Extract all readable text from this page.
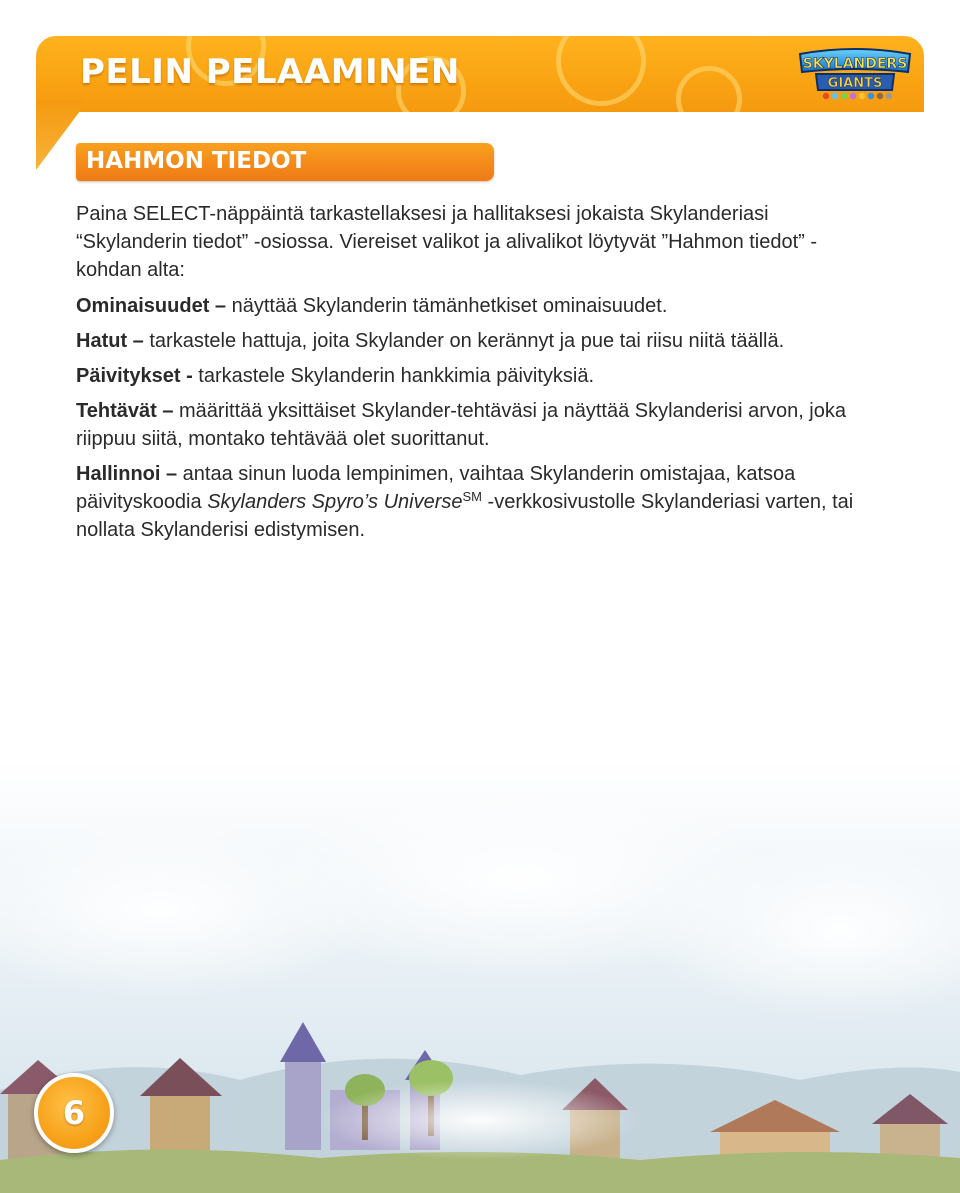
PELIN PELAAMINEN	SKYLANDERS
GIANTS
HAHMON TIEDOT

Paina SELECT-näppäintä tarkastellaksesi ja hallitaksesi jokaista Skylanderiasi “Skylanderin tiedot” -osiossa. Viereiset valikot ja alivalikot löytyvät ”Hahmon tiedot” -kohdan alta:

Ominaisuudet – näyttää Skylanderin tämänhetkiset ominaisuudet.

Hatut – tarkastele hattuja, joita Skylander on kerännyt ja pue tai riisu niitä täällä.

Päivitykset - tarkastele Skylanderin hankkimia päivityksiä.

Tehtävät – määrittää yksittäiset Skylander-tehtäväsi ja näyttää Skylanderisi arvon, joka riippuu siitä, montako tehtävää olet suorittanut.

Hallinnoi – antaa sinun luoda lempinimen, vaihtaa Skylanderin omistajaa, katsoa päivityskoodia Skylanders Spyro’s Universe℠ -verkkosivustolle Skylanderiasi varten, tai nollata Skylanderisi edistymisen.

6
